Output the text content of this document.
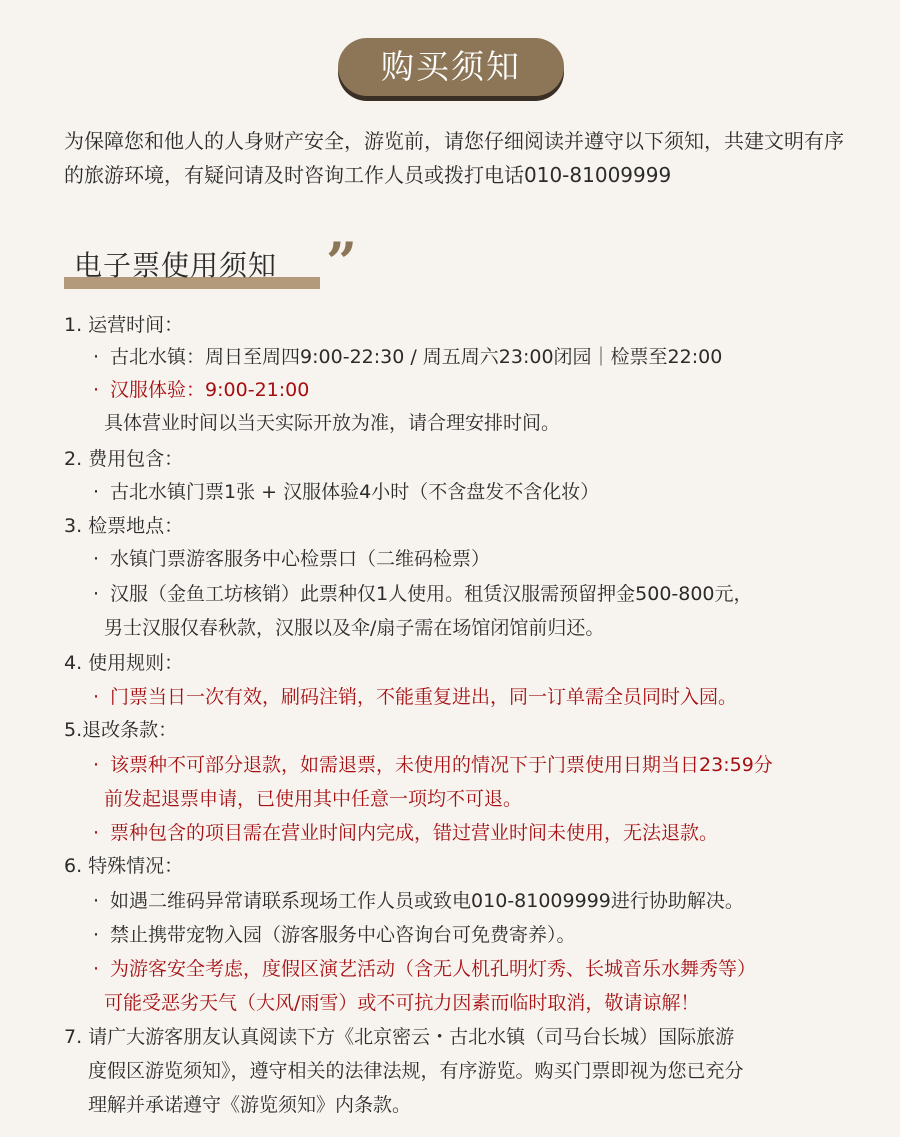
购买须知
为保障您和他人的人身财产安全，游览前，请您仔细阅读并遵守以下须知，共建文明有序的旅游环境，有疑问请及时咨询工作人员或拨打电话010-81009999
电子票使用须知 ”
1. 运营时间：
· 古北水镇：周日至周四9:00-22:30 / 周五周六23:00闭园｜检票至22:00
· 汉服体验：9:00-21:00
具体营业时间以当天实际开放为准，请合理安排时间。
2. 费用包含：
· 古北水镇门票1张 + 汉服体验4小时（不含盘发不含化妆）
3. 检票地点：
· 水镇门票游客服务中心检票口（二维码检票）
· 汉服（金鱼工坊核销）此票种仅1人使用。租赁汉服需预留押金500-800元，
男士汉服仅春秋款，汉服以及伞/扇子需在场馆闭馆前归还。
4. 使用规则：
· 门票当日一次有效，刷码注销，不能重复进出，同一订单需全员同时入园。
5.退改条款：
· 该票种不可部分退款，如需退票，未使用的情况下于门票使用日期当日23:59分
前发起退票申请，已使用其中任意一项均不可退。
· 票种包含的项目需在营业时间内完成，错过营业时间未使用，无法退款。
6. 特殊情况：
· 如遇二维码异常请联系现场工作人员或致电010-81009999进行协助解决。
· 禁止携带宠物入园（游客服务中心咨询台可免费寄养）。
· 为游客安全考虑，度假区演艺活动（含无人机孔明灯秀、长城音乐水舞秀等）
可能受恶劣天气（大风/雨雪）或不可抗力因素而临时取消，敬请谅解！
7. 请广大游客朋友认真阅读下方《北京密云・古北水镇（司马台长城）国际旅游
度假区游览须知》，遵守相关的法律法规，有序游览。购买门票即视为您已充分
理解并承诺遵守《游览须知》内条款。
